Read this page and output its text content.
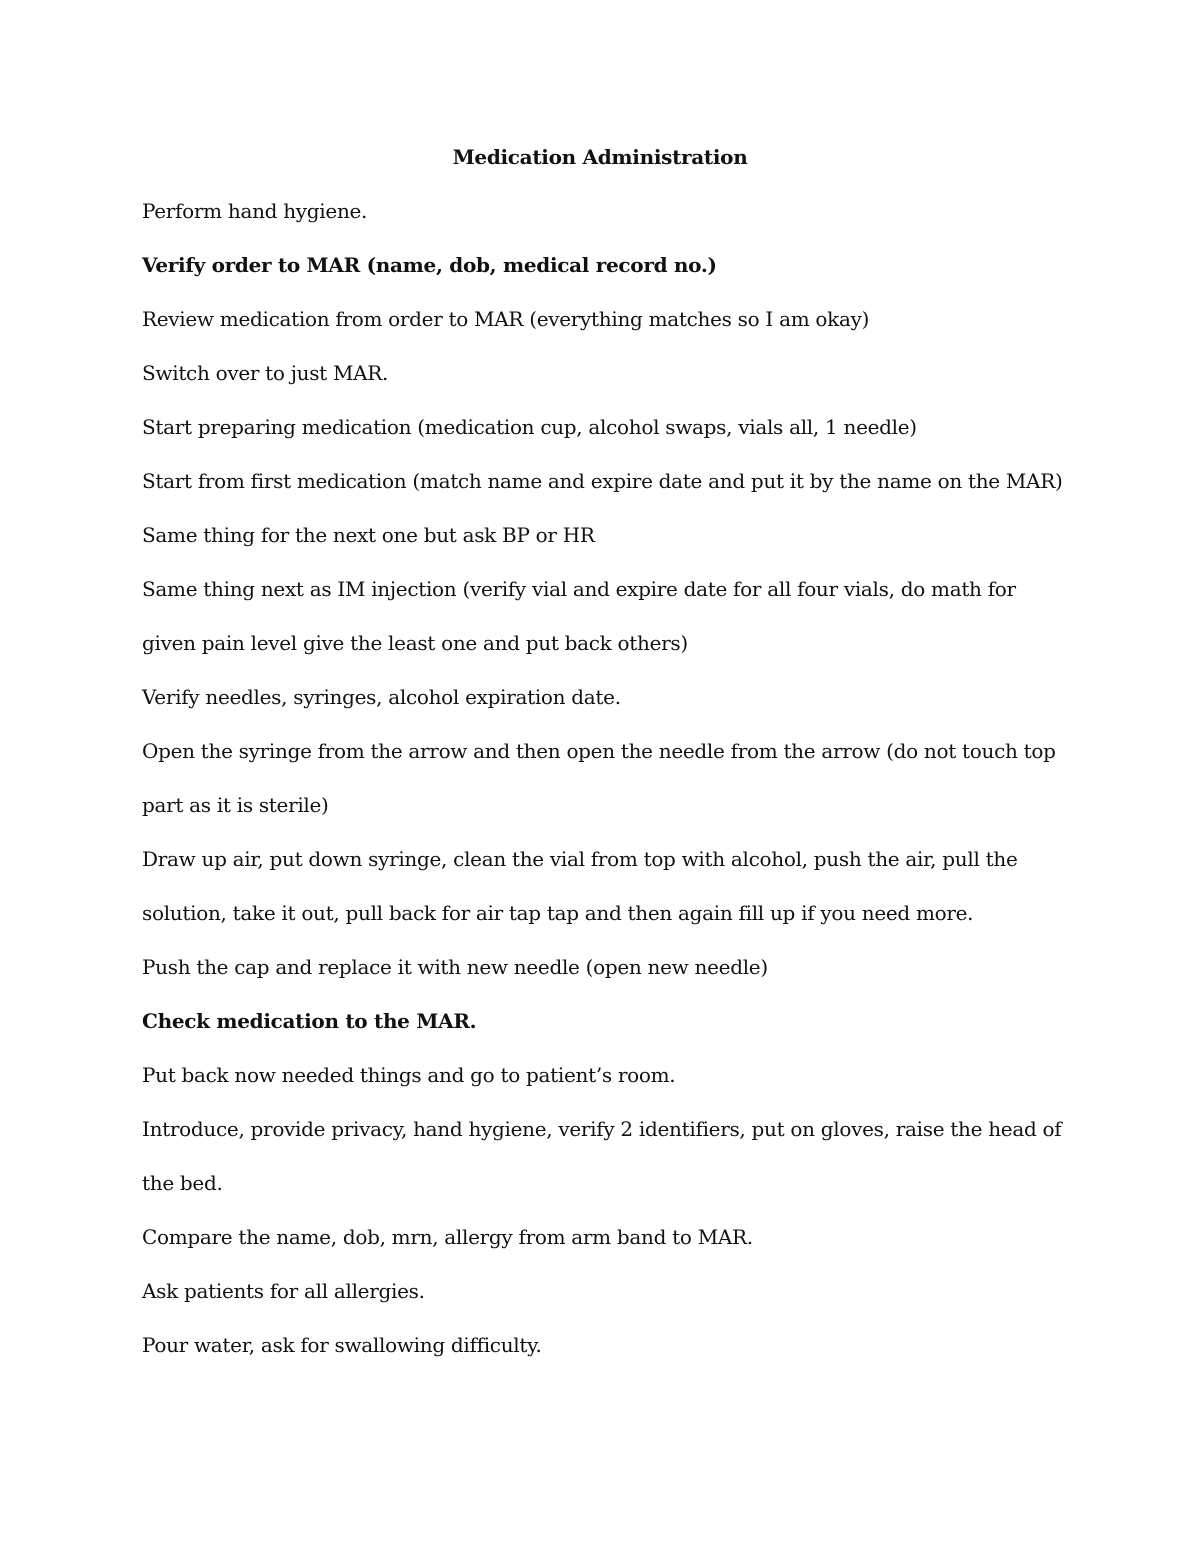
Medication Administration

Perform hand hygiene.

Verify order to MAR (name, dob, medical record no.)

Review medication from order to MAR (everything matches so I am okay)

Switch over to just MAR.

Start preparing medication (medication cup, alcohol swaps, vials all, 1 needle)

Start from first medication (match name and expire date and put it by the name on the MAR)

Same thing for the next one but ask BP or HR

Same thing next as IM injection (verify vial and expire date for all four vials, do math for given pain level give the least one and put back others)

Verify needles, syringes, alcohol expiration date.

Open the syringe from the arrow and then open the needle from the arrow (do not touch top part as it is sterile)

Draw up air, put down syringe, clean the vial from top with alcohol, push the air, pull the solution, take it out, pull back for air tap tap and then again fill up if you need more.

Push the cap and replace it with new needle (open new needle)

Check medication to the MAR.

Put back now needed things and go to patient’s room.

Introduce, provide privacy, hand hygiene, verify 2 identifiers, put on gloves, raise the head of the bed.

Compare the name, dob, mrn, allergy from arm band to MAR.

Ask patients for all allergies.

Pour water, ask for swallowing difficulty.
